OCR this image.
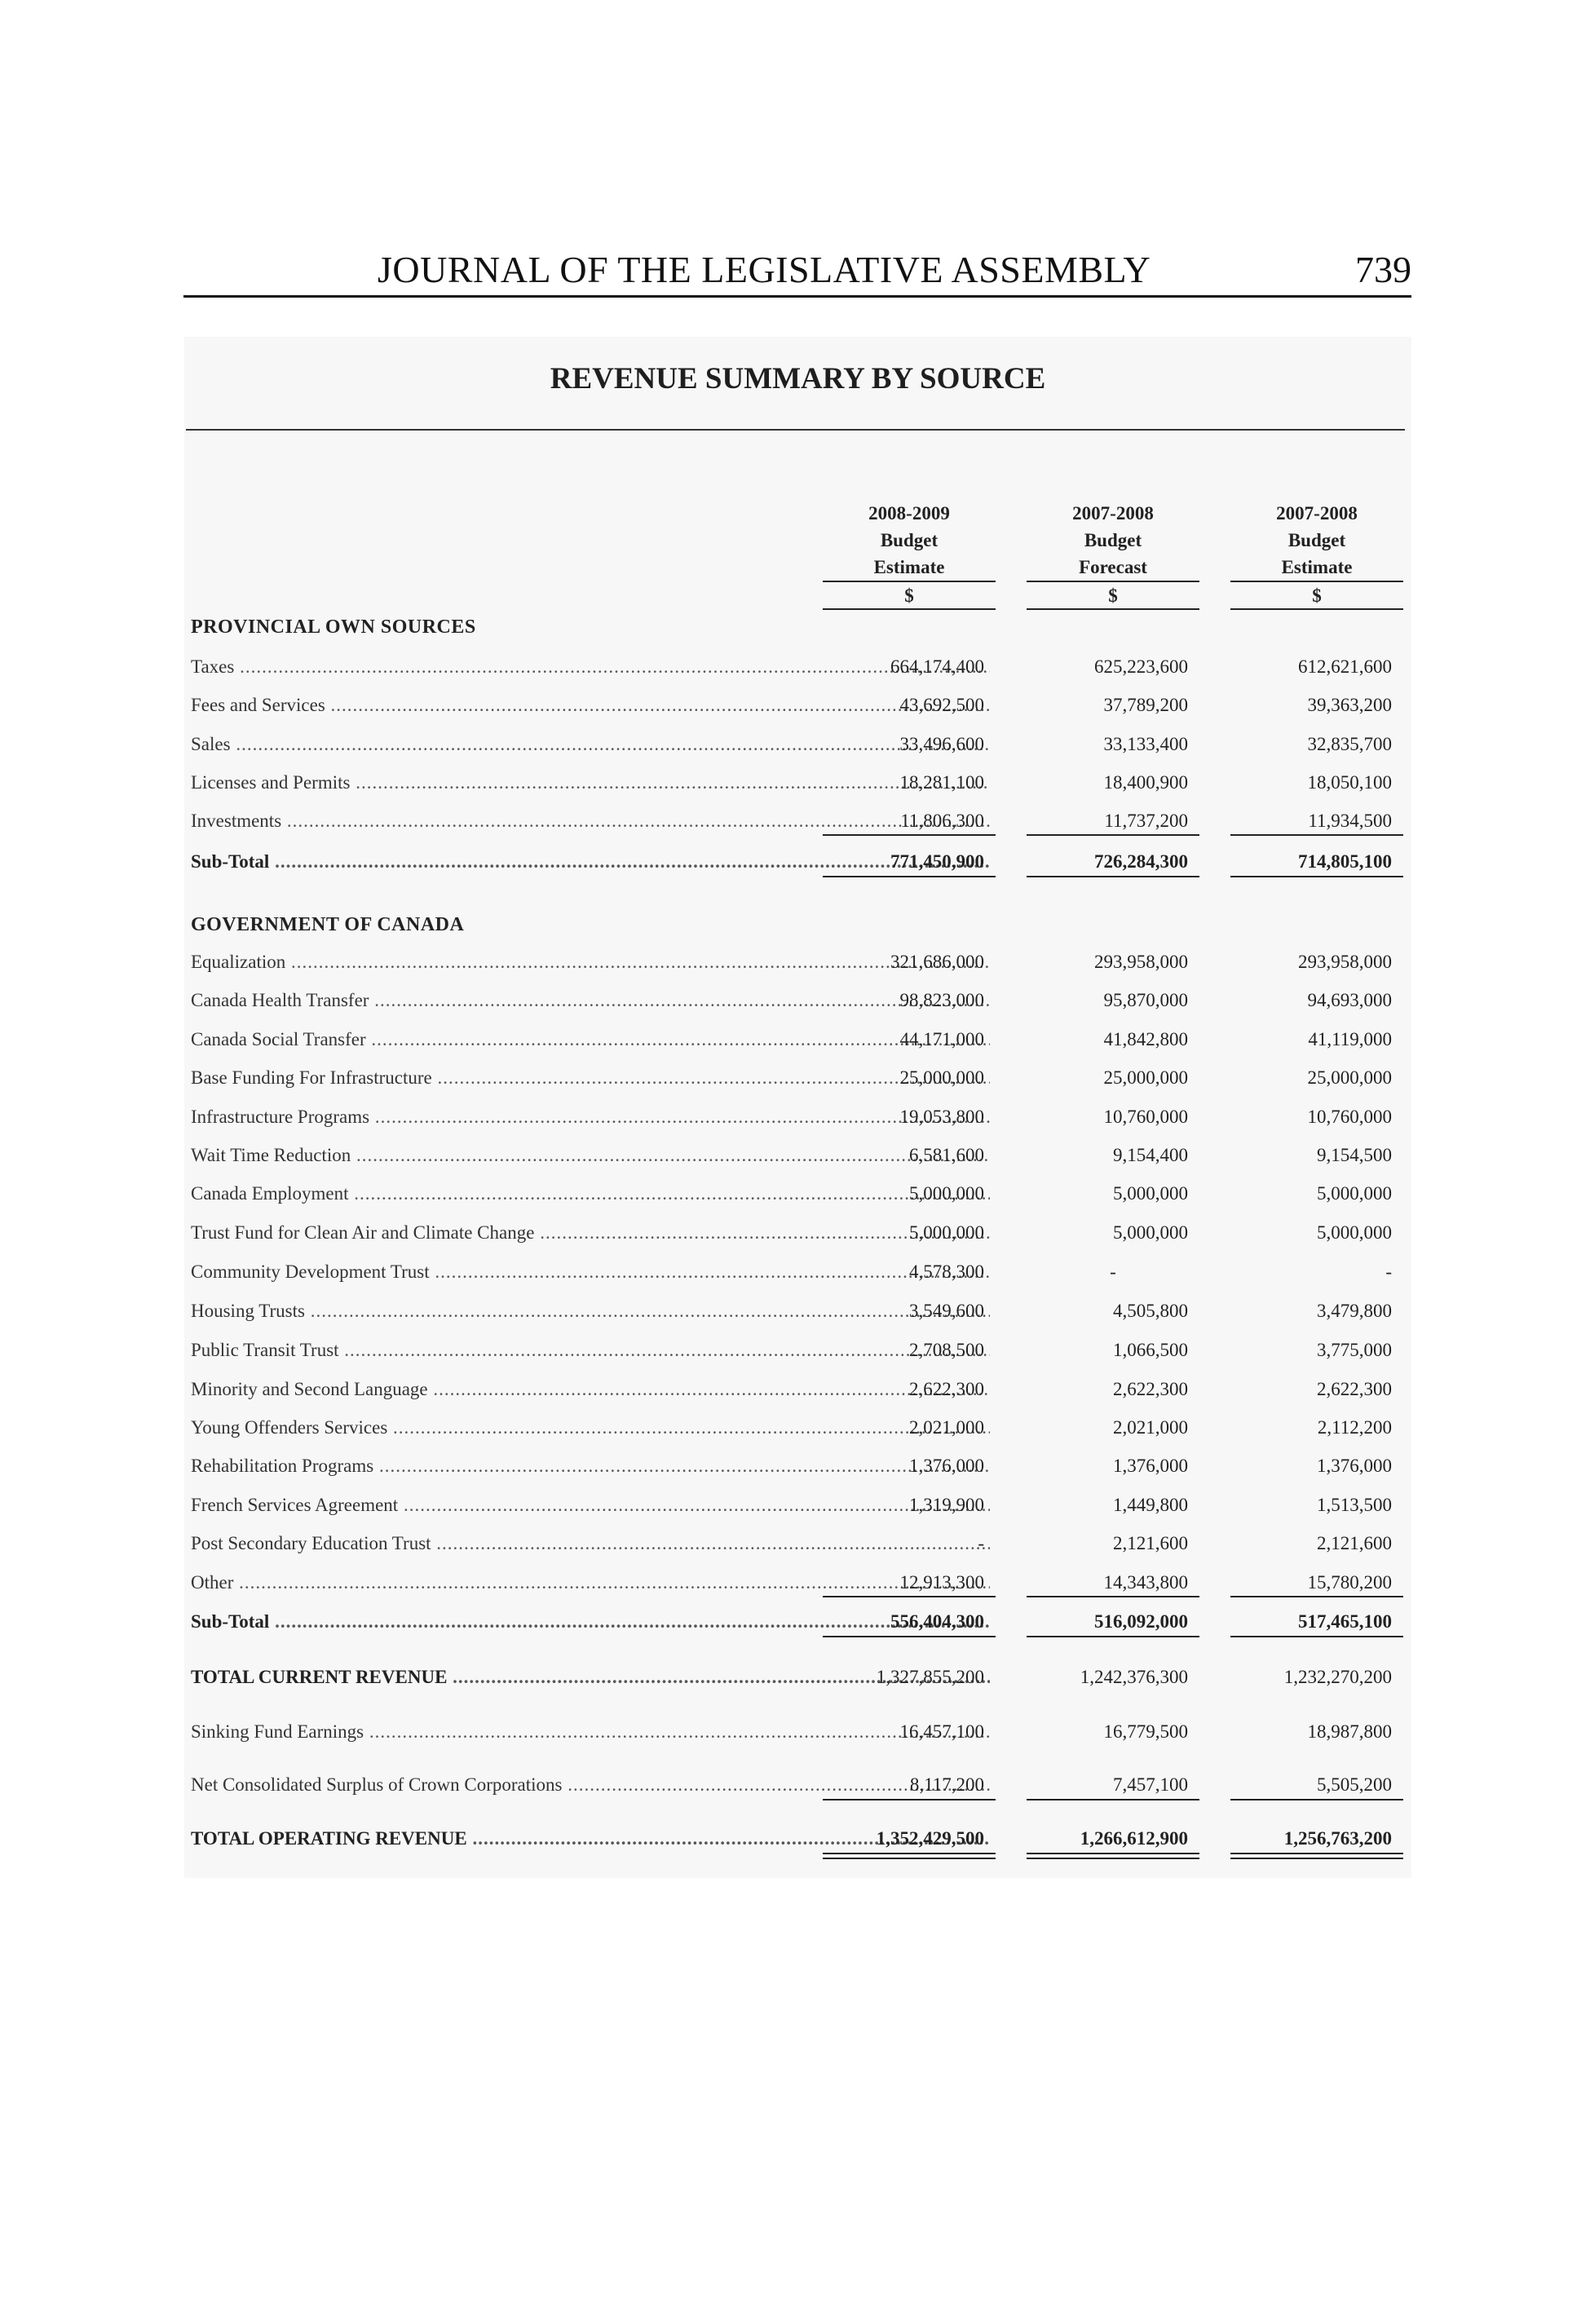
JOURNAL OF THE LEGISLATIVE ASSEMBLY	739
REVENUE SUMMARY BY SOURCE
2008-2009
Budget
Estimate
$
2007-2008
Budget
Forecast
$
2007-2008
Budget
Estimate
$
PROVINCIAL OWN SOURCES
Taxes .....	664,174,400	625,223,600	612,621,600
Fees and Services .....	43,692,500	37,789,200	39,363,200
Sales .....	33,496,600	33,133,400	32,835,700
Licenses and Permits .....	18,281,100	18,400,900	18,050,100
Investments .....	11,806,300	11,737,200	11,934,500
Sub-Total .....	771,450,900	726,284,300	714,805,100
GOVERNMENT OF CANADA
Equalization .....	321,686,000	293,958,000	293,958,000
Canada Health Transfer .....	98,823,000	95,870,000	94,693,000
Canada Social Transfer .....	44,171,000	41,842,800	41,119,000
Base Funding For Infrastructure .....	25,000,000	25,000,000	25,000,000
Infrastructure Programs .....	19,053,800	10,760,000	10,760,000
Wait Time Reduction .....	6,581,600	9,154,400	9,154,500
Canada Employment .....	5,000,000	5,000,000	5,000,000
Trust Fund for Clean Air and Climate Change .....	5,000,000	5,000,000	5,000,000
Community Development Trust .....	4,578,300	-	-
Housing Trusts .....	3,549,600	4,505,800	3,479,800
Public Transit Trust .....	2,708,500	1,066,500	3,775,000
Minority and Second Language .....	2,622,300	2,622,300	2,622,300
Young Offenders Services .....	2,021,000	2,021,000	2,112,200
Rehabilitation Programs .....	1,376,000	1,376,000	1,376,000
French Services Agreement .....	1,319,900	1,449,800	1,513,500
Post Secondary Education Trust .....	-	2,121,600	2,121,600
Other .....	12,913,300	14,343,800	15,780,200
Sub-Total .....	556,404,300	516,092,000	517,465,100
TOTAL CURRENT REVENUE .....	1,327,855,200	1,242,376,300	1,232,270,200
Sinking Fund Earnings .....	16,457,100	16,779,500	18,987,800
Net Consolidated Surplus of Crown Corporations .....	8,117,200	7,457,100	5,505,200
TOTAL OPERATING REVENUE .....	1,352,429,500	1,266,612,900	1,256,763,200
